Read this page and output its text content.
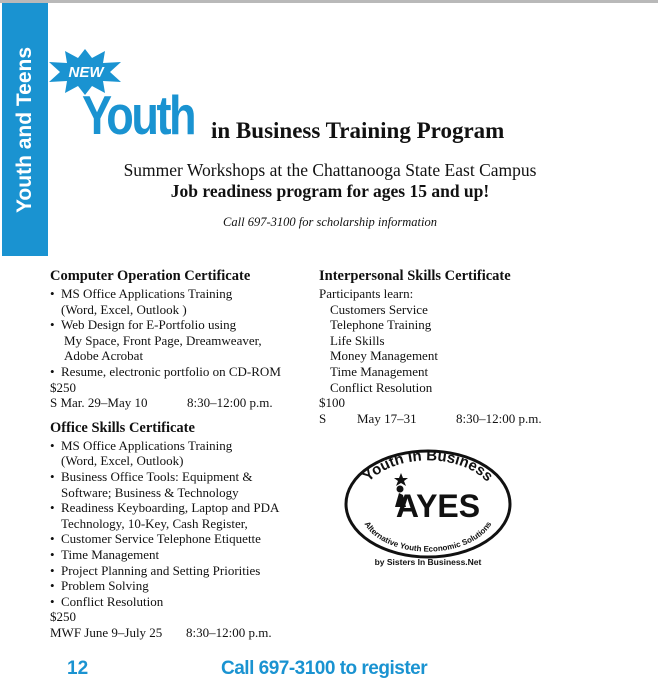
Youth and Teens	NEW
Youth in Business Training Program
Summer Workshops at the Chattanooga State East Campus
Job readiness program for ages 15 and up!
Call 697-3100 for scholarship information
Computer Operation Certificate
• MS Office Applications Training
(Word, Excel, Outlook )
• Web Design for E-Portfolio using
My Space, Front Page, Dreamweaver,
Adobe Acrobat
• Resume, electronic portfolio on CD-ROM
$250
S Mar. 29–May 10	8:30–12:00 p.m.
Office Skills Certificate
• MS Office Applications Training
(Word, Excel, Outlook)
• Business Office Tools: Equipment &
Software; Business & Technology
• Readiness Keyboarding, Laptop and PDA
Technology, 10-Key, Cash Register,
• Customer Service Telephone Etiquette
• Time Management
• Project Planning and Setting Priorities
• Problem Solving
• Conflict Resolution
$250
MWF June 9–July 25	8:30–12:00 p.m.
Interpersonal Skills Certificate
Participants learn:
Customers Service
Telephone Training
Life Skills
Money Management
Time Management
Conflict Resolution
$100
S	May 17–31	8:30–12:00 p.m.
Youth In Business
Alternative Youth Economic Solutions
AYES
by Sisters In Business.Net
12	Call 697-3100 to register
